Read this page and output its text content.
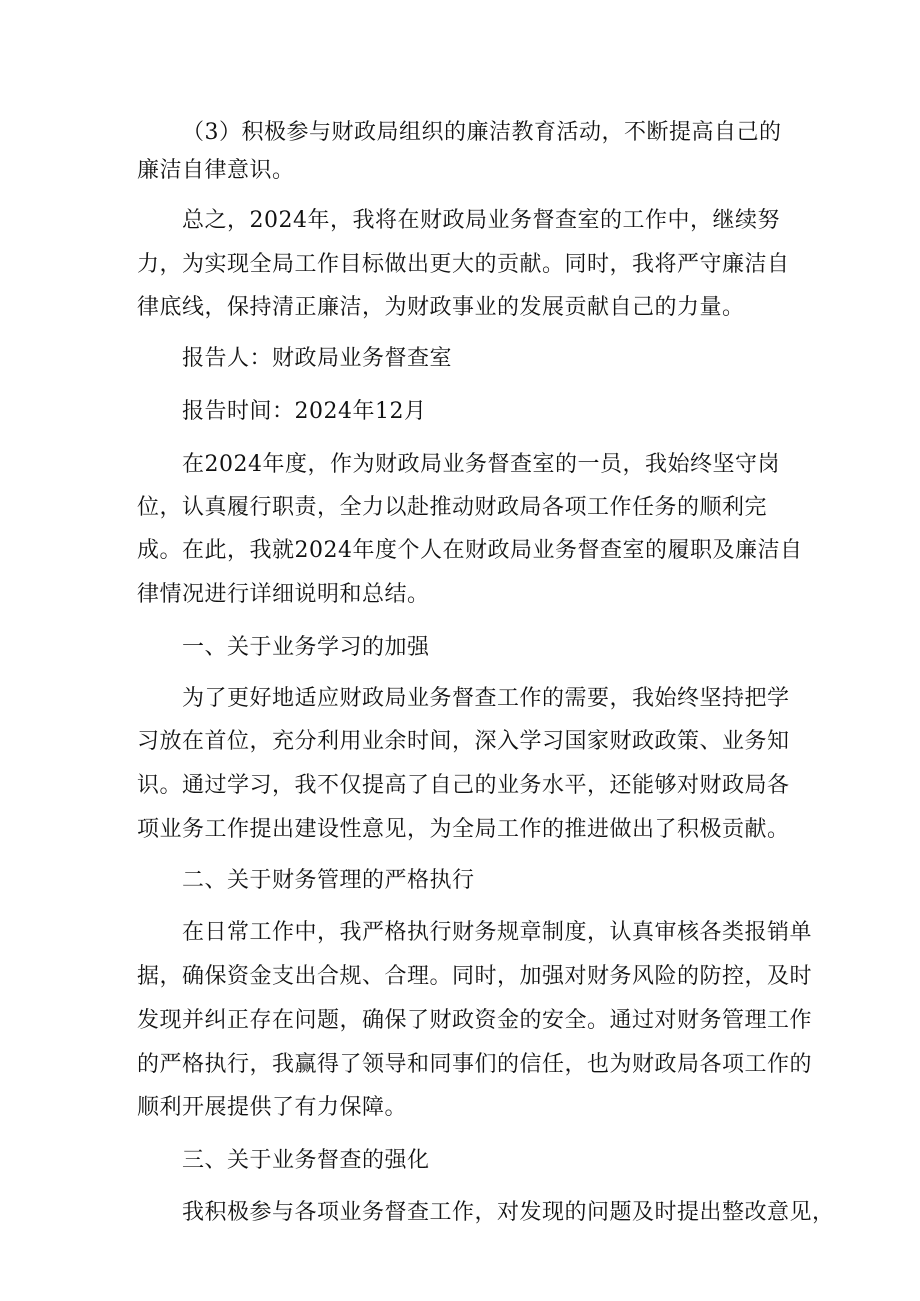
（3）积极参与财政局组织的廉洁教育活动，不断提高自己的
廉洁自律意识。
总之，2024年，我将在财政局业务督查室的工作中，继续努
力，为实现全局工作目标做出更大的贡献。同时，我将严守廉洁自
律底线，保持清正廉洁，为财政事业的发展贡献自己的力量。
报告人：财政局业务督查室
报告时间：2024年12月
在2024年度，作为财政局业务督查室的一员，我始终坚守岗
位，认真履行职责，全力以赴推动财政局各项工作任务的顺利完
成。在此，我就2024年度个人在财政局业务督查室的履职及廉洁自
律情况进行详细说明和总结。
一、关于业务学习的加强
为了更好地适应财政局业务督查工作的需要，我始终坚持把学
习放在首位，充分利用业余时间，深入学习国家财政政策、业务知
识。通过学习，我不仅提高了自己的业务水平，还能够对财政局各
项业务工作提出建设性意见，为全局工作的推进做出了积极贡献。
二、关于财务管理的严格执行
在日常工作中，我严格执行财务规章制度，认真审核各类报销单
据，确保资金支出合规、合理。同时，加强对财务风险的防控，及时
发现并纠正存在问题，确保了财政资金的安全。通过对财务管理工作
的严格执行，我赢得了领导和同事们的信任，也为财政局各项工作的
顺利开展提供了有力保障。
三、关于业务督查的强化
我积极参与各项业务督查工作，对发现的问题及时提出整改意见，
